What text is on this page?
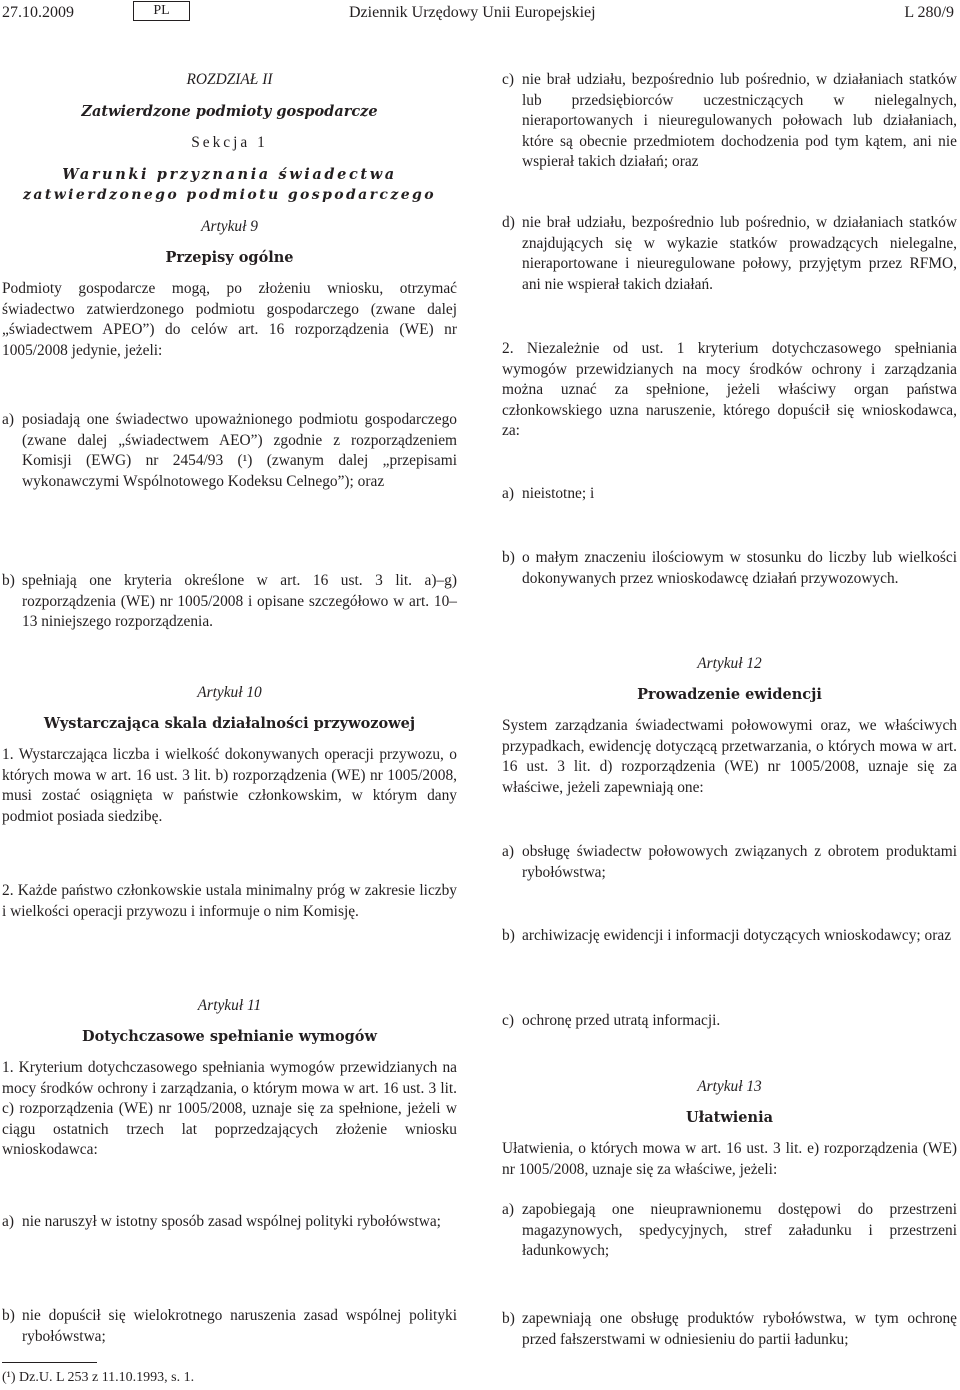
27.10.2009	PL	Dziennik Urzędowy Unii Europejskiej	L 280/9
ROZDZIAŁ II
Zatwierdzone podmioty gospodarcze
Sekcja 1
Warunki przyznania świadectwa
zatwierdzonego podmiotu gospodarczego
Artykuł 9
Przepisy ogólne
Podmioty gospodarcze mogą, po złożeniu wniosku, otrzymać świadectwo zatwierdzonego podmiotu gospodarczego (zwane dalej „świadectwem APEO”) do celów art. 16 rozporządzenia (WE) nr 1005/2008 jedynie, jeżeli:
a) posiadają one świadectwo upoważnionego podmiotu gospodarczego (zwane dalej „świadectwem AEO”) zgodnie z rozporządzeniem Komisji (EWG) nr 2454/93 (¹) (zwanym dalej „przepisami wykonawczymi Wspólnotowego Kodeksu Celnego”); oraz
b) spełniają one kryteria określone w art. 16 ust. 3 lit. a)–g) rozporządzenia (WE) nr 1005/2008 i opisane szczegółowo w art. 10–13 niniejszego rozporządzenia.
Artykuł 10
Wystarczająca skala działalności przywozowej
1. Wystarczająca liczba i wielkość dokonywanych operacji przywozu, o których mowa w art. 16 ust. 3 lit. b) rozporządzenia (WE) nr 1005/2008, musi zostać osiągnięta w państwie członkowskim, w którym dany podmiot posiada siedzibę.
2. Każde państwo członkowskie ustala minimalny próg w zakresie liczby i wielkości operacji przywozu i informuje o nim Komisję.
Artykuł 11
Dotychczasowe spełnianie wymogów
1. Kryterium dotychczasowego spełniania wymogów przewidzianych na mocy środków ochrony i zarządzania, o którym mowa w art. 16 ust. 3 lit. c) rozporządzenia (WE) nr 1005/2008, uznaje się za spełnione, jeżeli w ciągu ostatnich trzech lat poprzedzających złożenie wniosku wnioskodawca:
a) nie naruszył w istotny sposób zasad wspólnej polityki rybołówstwa;
b) nie dopuścił się wielokrotnego naruszenia zasad wspólnej polityki rybołówstwa;
(¹) Dz.U. L 253 z 11.10.1993, s. 1.
c) nie brał udziału, bezpośrednio lub pośrednio, w działaniach statków lub przedsiębiorców uczestniczących w nielegalnych, nieraportowanych i nieuregulowanych połowach lub działaniach, które są obecnie przedmiotem dochodzenia pod tym kątem, ani nie wspierał takich działań; oraz
d) nie brał udziału, bezpośrednio lub pośrednio, w działaniach statków znajdujących się w wykazie statków prowadzących nielegalne, nieraportowane i nieuregulowane połowy, przyjętym przez RFMO, ani nie wspierał takich działań.
2. Niezależnie od ust. 1 kryterium dotychczasowego spełniania wymogów przewidzianych na mocy środków ochrony i zarządzania można uznać za spełnione, jeżeli właściwy organ państwa członkowskiego uzna naruszenie, którego dopuścił się wnioskodawca, za:
a) nieistotne; i
b) o małym znaczeniu ilościowym w stosunku do liczby lub wielkości dokonywanych przez wnioskodawcę działań przywozowych.
Artykuł 12
Prowadzenie ewidencji
System zarządzania świadectwami połowowymi oraz, we właściwych przypadkach, ewidencję dotyczącą przetwarzania, o których mowa w art. 16 ust. 3 lit. d) rozporządzenia (WE) nr 1005/2008, uznaje się za właściwe, jeżeli zapewniają one:
a) obsługę świadectw połowowych związanych z obrotem produktami rybołówstwa;
b) archiwizację ewidencji i informacji dotyczących wnioskodawcy; oraz
c) ochronę przed utratą informacji.
Artykuł 13
Ułatwienia
Ułatwienia, o których mowa w art. 16 ust. 3 lit. e) rozporządzenia (WE) nr 1005/2008, uznaje się za właściwe, jeżeli:
a) zapobiegają one nieuprawnionemu dostępowi do przestrzeni magazynowych, spedycyjnych, stref załadunku i przestrzeni ładunkowych;
b) zapewniają one obsługę produktów rybołówstwa, w tym ochronę przed fałszerstwami w odniesieniu do partii ładunku;
